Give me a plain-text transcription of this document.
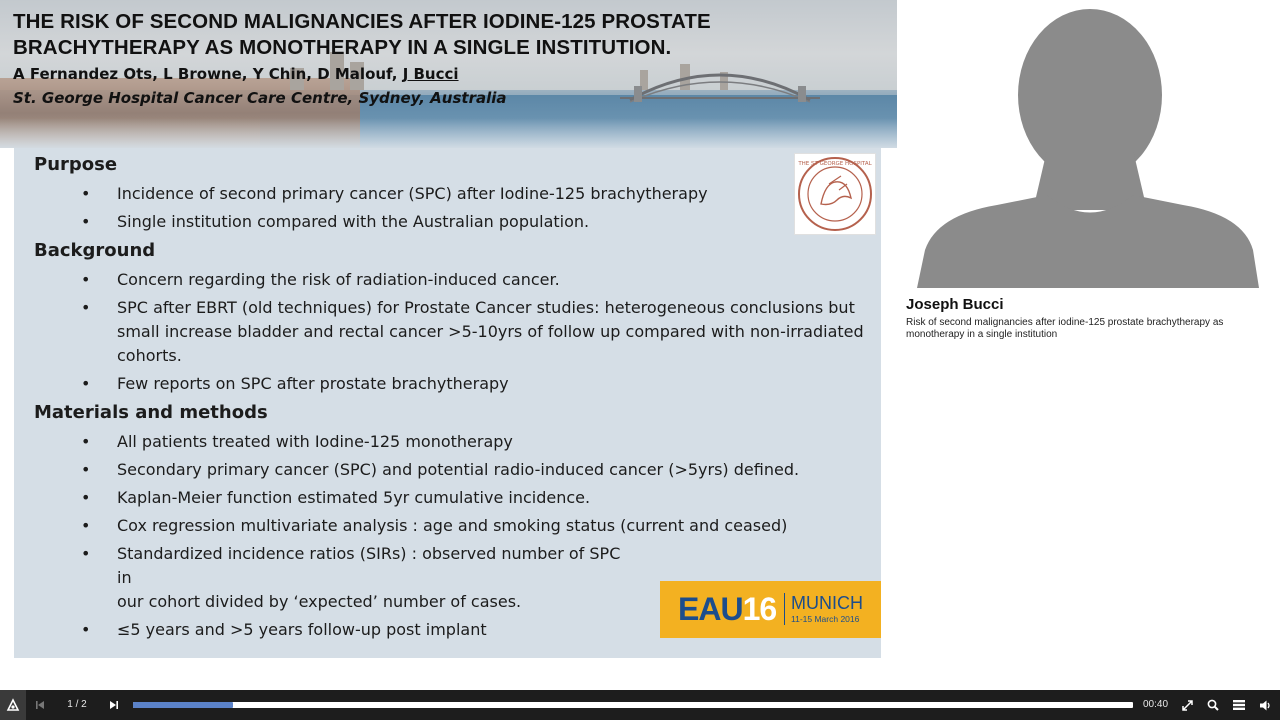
THE RISK OF SECOND MALIGNANCIES AFTER IODINE-125 PROSTATE BRACHYTHERAPY AS MONOTHERAPY IN A SINGLE INSTITUTION.
A Fernandez Ots, L Browne, Y Chin, D Malouf, J Bucci
St. George Hospital Cancer Care Centre, Sydney, Australia
Purpose
• Incidence of second primary cancer (SPC) after Iodine-125 brachytherapy
• Single institution compared with the Australian population.
Background
• Concern regarding the risk of radiation-induced cancer.
• SPC after EBRT (old techniques) for Prostate Cancer studies: heterogeneous conclusions but small increase bladder and rectal cancer >5-10yrs of follow up compared with non-irradiated cohorts.
• Few reports on SPC after prostate brachytherapy
Materials and methods
• All patients treated with Iodine-125 monotherapy
• Secondary primary cancer (SPC) and potential radio-induced cancer (>5yrs) defined.
• Kaplan-Meier function estimated 5yr cumulative incidence.
• Cox regression multivariate analysis : age and smoking status (current and ceased)
• Standardized incidence ratios (SIRs) : observed number of SPC in
our cohort divided by ‘expected’ number of cases.
• ≤5 years and >5 years follow-up post implant
THE ST GEORGE HOSPITAL
EAU16 MUNICH
11-15 March 2016
Joseph Bucci
Risk of second malignancies after iodine-125 prostate brachytherapy as monotherapy in a single institution
1 / 2	00:40
